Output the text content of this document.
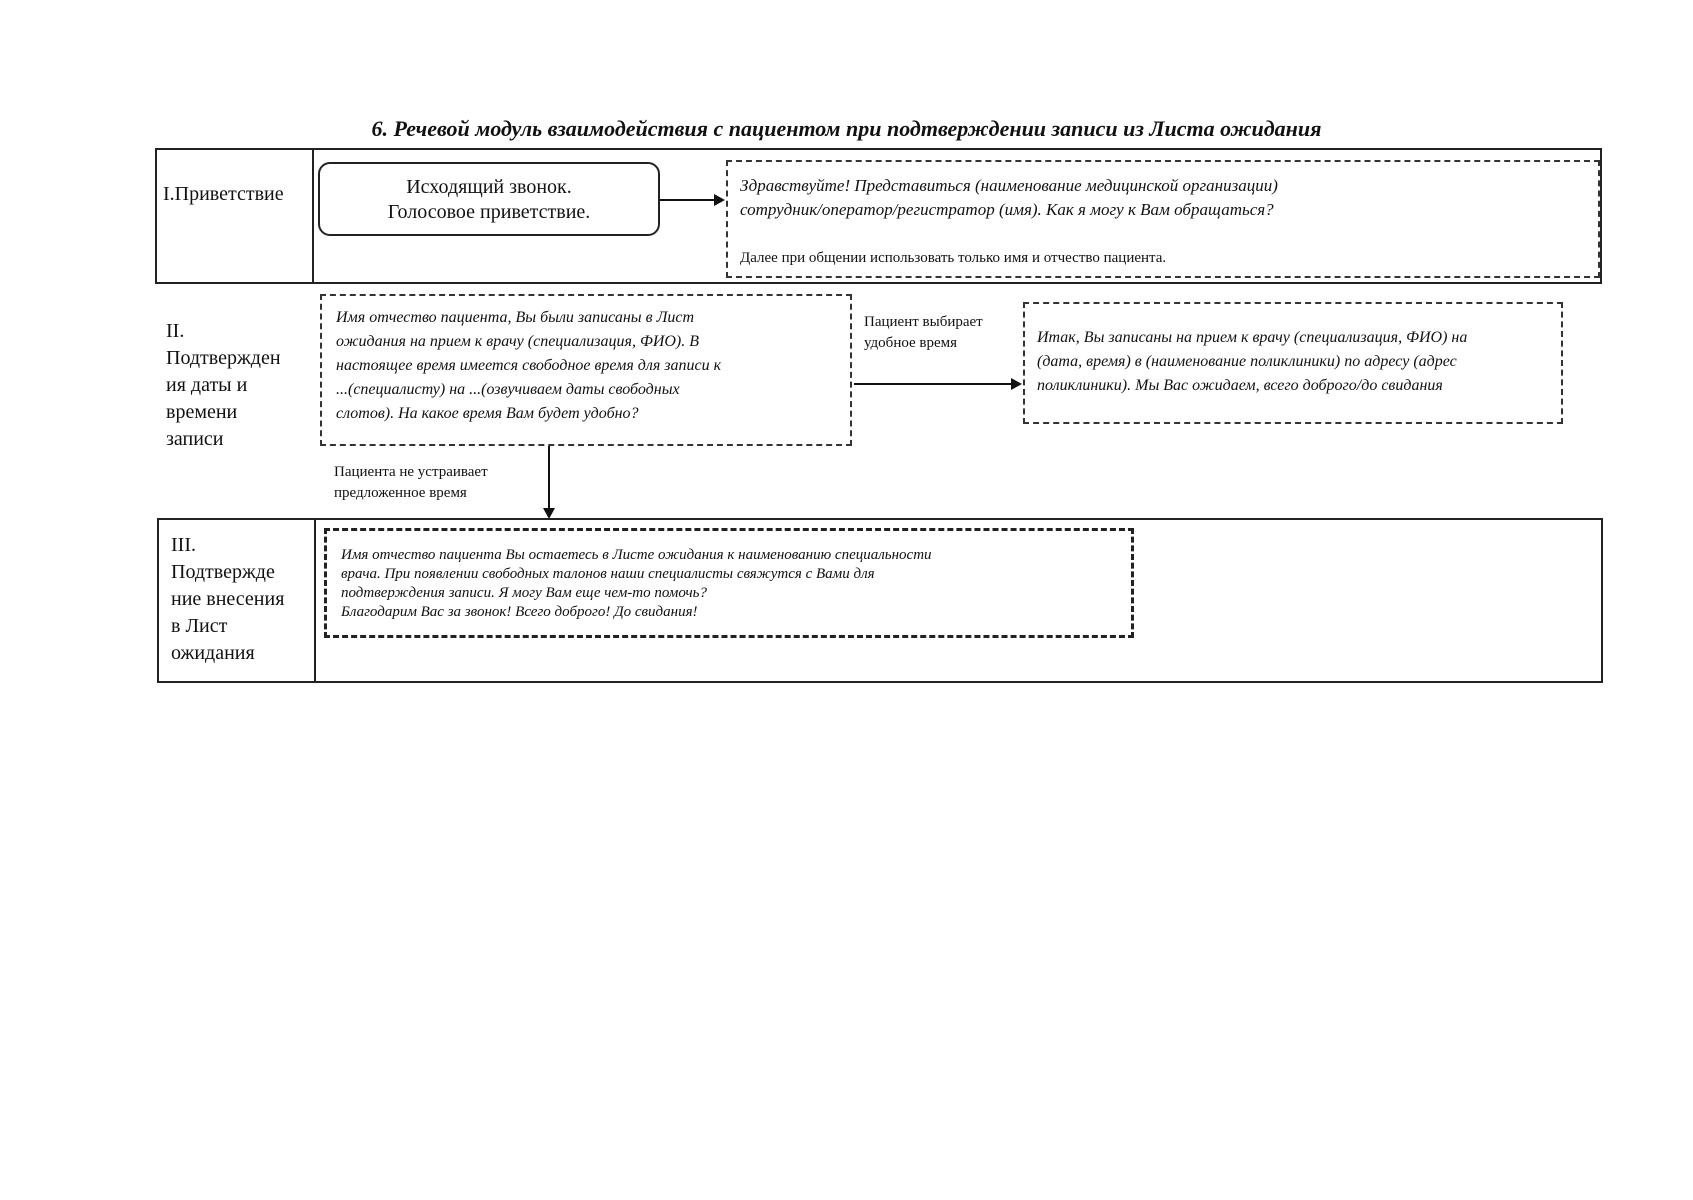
6. Речевой модуль взаимодействия с пациентом при подтверждении записи из Листа ожидания
I.Приветствие	Исходящий звонок.
Голосовое приветствие.
Здравствуйте! Представиться (наименование медицинской организации)
сотрудник/оператор/регистратор (имя). Как я могу к Вам обращаться?
Далее при общении использовать только имя и отчество пациента.
II.
Подтвержден
ия даты и
времени
записи
Имя отчество пациента, Вы были записаны в Лист
ожидания на прием к врачу (специализация, ФИО). В
настоящее время имеется свободное время для записи к
...(специалисту) на ...(озвучиваем даты свободных
слотов). На какое время Вам будет удобно?
Пациент выбирает
удобное время	Итак, Вы записаны на прием к врачу (специализация, ФИО) на
(дата, время) в (наименование поликлиники) по адресу (адрес
поликлиники). Мы Вас ожидаем, всего доброго/до свидания
Пациента не устраивает
предложенное время
III.
Подтвержде
ние внесения
в Лист
ожидания
Имя отчество пациента Вы остаетесь в Листе ожидания к наименованию специальности
врача. При появлении свободных талонов наши специалисты свяжутся с Вами для
подтверждения записи. Я могу Вам еще чем-то помочь?
Благодарим Вас за звонок! Всего доброго! До свидания!
